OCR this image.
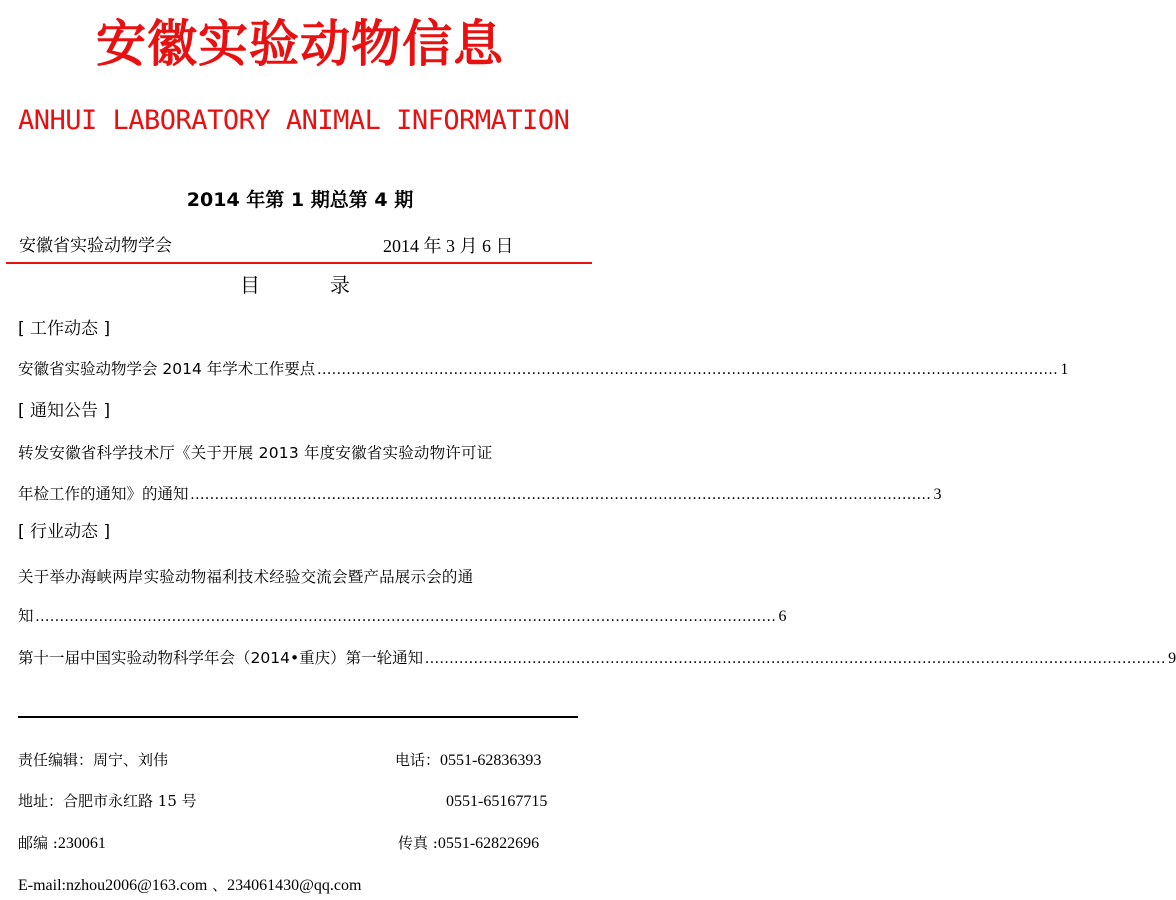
安徽实验动物信息
ANHUI LABORATORY ANIMAL INFORMATION
2014 年第 1 期总第 4 期
安徽省实验动物学会	2014 年 3 月 6 日
目	录
[ 工作动态 ]
安徽省实验动物学会 2014 年学术工作要点 ........................................................................................................................................................ 1
[ 通知公告 ]
转发安徽省科学技术厅《关于开展 2013 年度安徽省实验动物许可证
年检工作的通知》的通知 ........................................................................................................................................................ 3
[ 行业动态 ]
关于举办海峡两岸实验动物福利技术经验交流会暨产品展示会的通
知 ........................................................................................................................................................ 6
第十一届中国实验动物科学年会（2014•重庆）第一轮通知 ........................................................................................................................................................ 9
责任编辑：周宁、刘伟	电话：0551-62836393
地址：合肥市永红路 15 号	0551-65167715
邮编 :230061	传真 :0551-62822696
E-mail:nzhou2006@163.com 、234061430@qq.com
